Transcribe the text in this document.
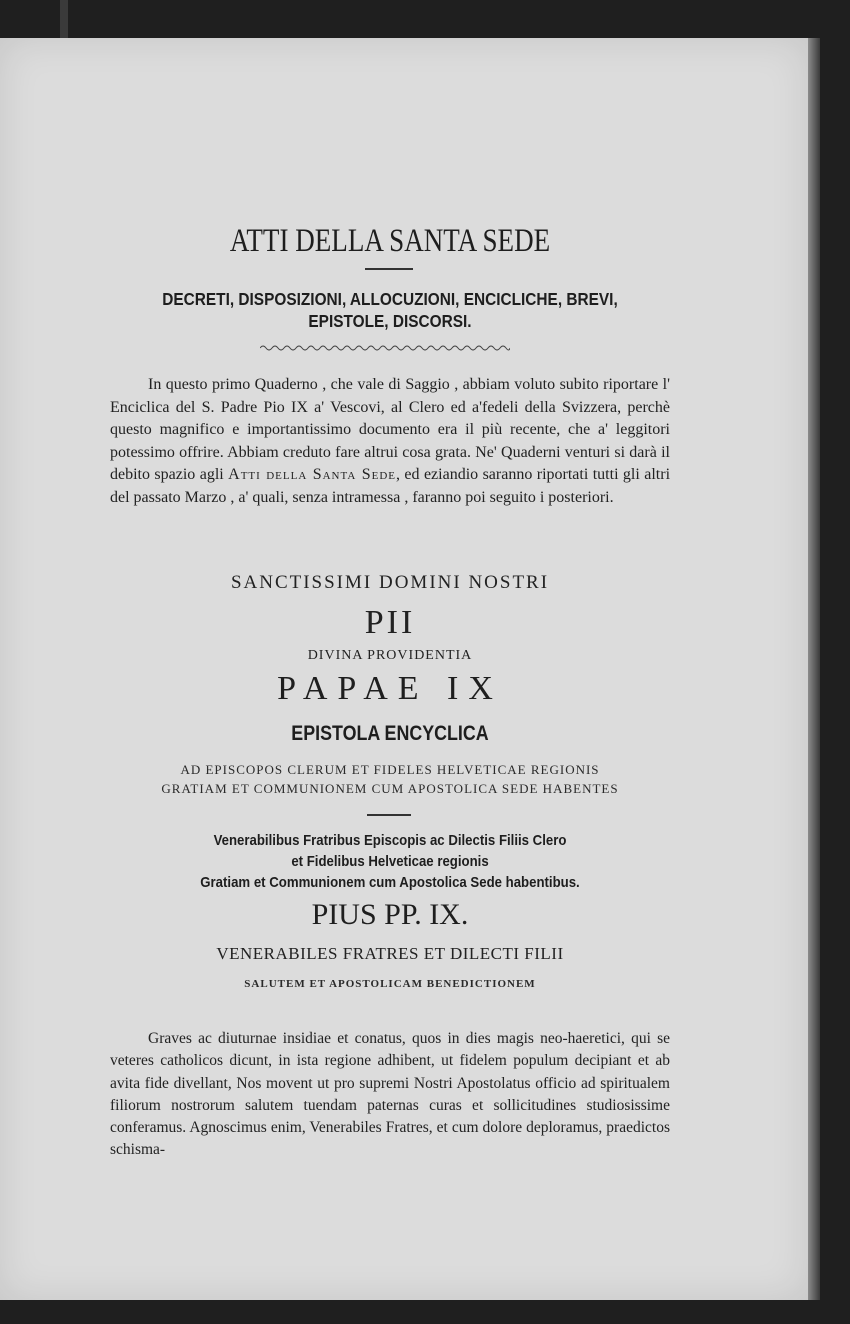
ATTI DELLA SANTA SEDE
DECRETI, DISPOSIZIONI, ALLOCUZIONI, ENCICLICHE, BREVI,
EPISTOLE, DISCORSI.

In questo primo Quaderno , che vale di Saggio , abbiam voluto subito riportare l' Enciclica del S. Padre Pio IX a' Vescovi, al Clero ed a'fedeli della Svizzera, perchè questo magnifico e importantissimo documento era il più recente, che a' leggitori potessimo offrire. Abbiam creduto fare altrui cosa grata. Ne' Quaderni venturi si darà il debito spazio agli Atti della Santa Sede, ed eziandio saranno riportati tutti gli altri del passato Marzo , a' quali, senza intramessa , faranno poi seguito i posteriori.

SANCTISSIMI DOMINI NOSTRI
PII
DIVINA PROVIDENTIA
PAPAE IX
EPISTOLA ENCYCLICA
AD EPISCOPOS CLERUM ET FIDELES HELVETICAE REGIONIS
GRATIAM ET COMMUNIONEM CUM APOSTOLICA SEDE HABENTES
Venerabilibus Fratribus Episcopis ac Dilectis Filiis Clero
et Fidelibus Helveticae regionis
Gratiam et Communionem cum Apostolica Sede habentibus.
PIUS PP. IX.
VENERABILES FRATRES ET DILECTI FILII
SALUTEM ET APOSTOLICAM BENEDICTIONEM

Graves ac diuturnae insidiae et conatus, quos in dies magis neo-haeretici, qui se veteres catholicos dicunt, in ista regione adhibent, ut fidelem populum decipiant et ab avita fide divellant, Nos movent ut pro supremi Nostri Apostolatus officio ad spiritualem filiorum nostrorum salutem tuendam paternas curas et sollicitudines studiosissime conferamus. Agnoscimus enim, Venerabiles Fratres, et cum dolore deploramus, praedictos schisma-
